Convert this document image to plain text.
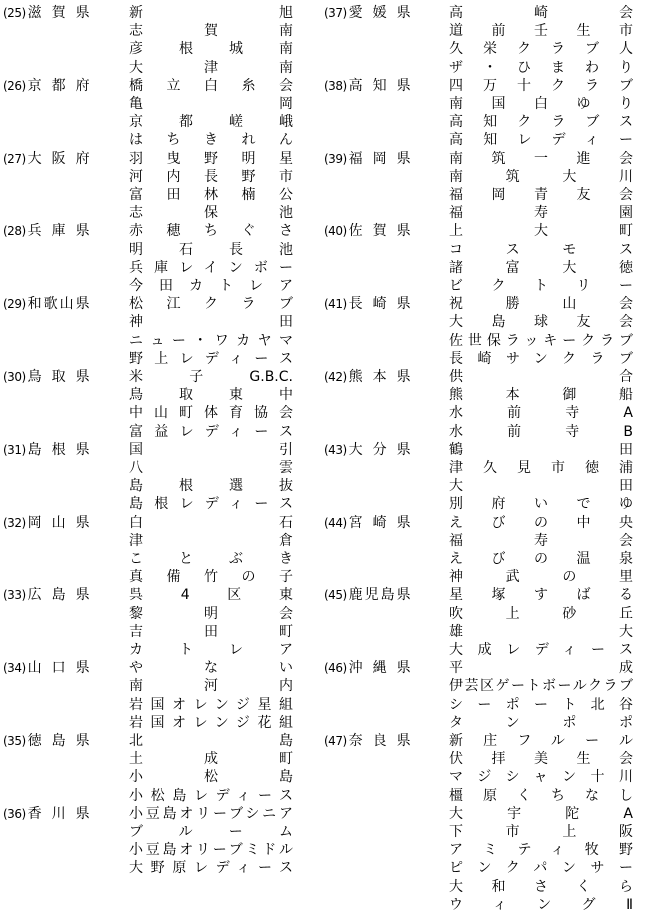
(25) 滋賀県	新旭
志賀南
彦根城南
大津南
(26) 京都府	橋立白糸会
亀岡
京都嵯峨
はちきれん
(27) 大阪府	羽曳野明星
河内長野市
富田林楠公
志保池
(28) 兵庫県	赤穂ちぐさ
明石長池
兵庫レインボー
今田カトレア
(29) 和歌山県	松江クラブ
神田
ニュー・ワカヤマ
野上レディース
(30) 鳥取県	米子G.B.C.
鳥取東中
中山町体育協会
富益レディース
(31) 島根県	国引
八雲
島根選抜
島根レディース
(32) 岡山県	白石
津倉
ことぶき
真備竹の子
(33) 広島県	呉4区東
黎明会
吉田町
カトレア
(34) 山口県	やない
南河内
岩国オレンジ星組
岩国オレンジ花組
(35) 徳島県	北島
土成町
小松島
小松島レディース
(36) 香川県	小豆島オリーブシニア
ブルーム
小豆島オリーブミドル
大野原レディース
(37) 愛媛県	高崎会
道前壬生市
久栄クラブ人
ザ・ひまわり
(38) 高知県	四万十クラブ
南国白ゆり
高知クラブス
高知レディー
(39) 福岡県	南筑一進会
南筑大川
福岡青友会
福寿園
(40) 佐賀県	上大町
コスモス
諸富大徳
ビクトリー
(41) 長崎県	祝勝山会
大島球友会
佐世保ラッキークラブ
長崎サンクラブ
(42) 熊本県	供合
熊本御船
水前寺A
水前寺B
(43) 大分県	鶴田
津久見市徳浦
大田
別府いでゆ
(44) 宮崎県	えびの中央
福寿会
えびの温泉
神武の里
(45) 鹿児島県	星塚すばる
吹上砂丘
雄大
大成レディース
(46) 沖縄県	平成
伊芸区ゲートボールクラブ
シーポート北谷
タンポポ
(47) 奈良県	新庄フルール
伏拝美生会
マジシャン十川
橿原くちなし
大宇陀A
下市上阪
アミティ牧野
ピンクパンサー
大和さくら
ウィングⅡ
